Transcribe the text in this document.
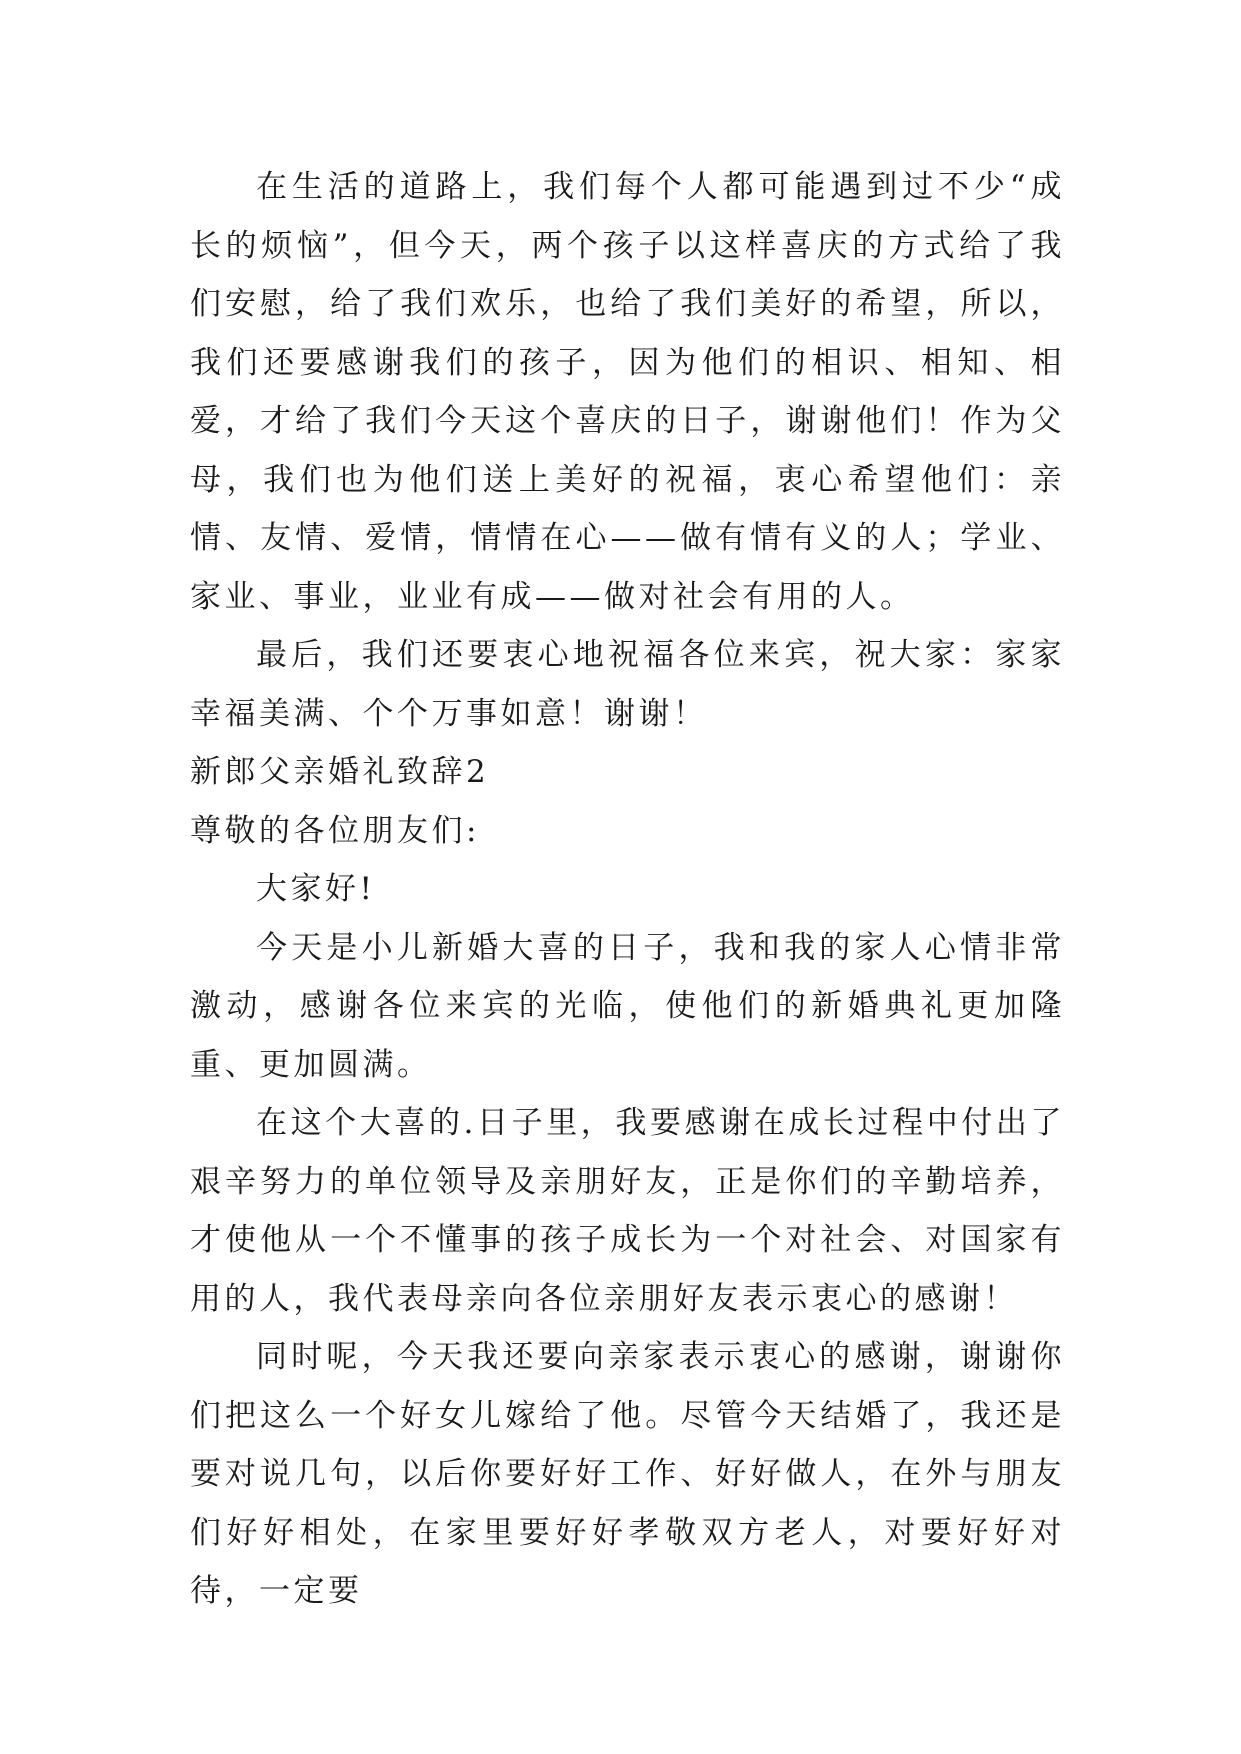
在生活的道路上，我们每个人都可能遇到过不少“成长的烦恼”，但今天，两个孩子以这样喜庆的方式给了我们安慰，给了我们欢乐，也给了我们美好的希望，所以，我们还要感谢我们的孩子，因为他们的相识、相知、相爱，才给了我们今天这个喜庆的日子，谢谢他们！作为父母，我们也为他们送上美好的祝福，衷心希望他们：亲情、友情、爱情，情情在心——做有情有义的人；学业、家业、事业，业业有成——做对社会有用的人。

最后，我们还要衷心地祝福各位来宾，祝大家：家家幸福美满、个个万事如意！谢谢！

新郎父亲婚礼致辞2

尊敬的各位朋友们:

大家好!

今天是小儿新婚大喜的日子，我和我的家人心情非常激动，感谢各位来宾的光临，使他们的新婚典礼更加隆重、更加圆满。

在这个大喜的.日子里，我要感谢在成长过程中付出了艰辛努力的单位领导及亲朋好友，正是你们的辛勤培养，才使他从一个不懂事的孩子成长为一个对社会、对国家有用的人，我代表母亲向各位亲朋好友表示衷心的感谢！

同时呢，今天我还要向亲家表示衷心的感谢，谢谢你们把这么一个好女儿嫁给了他。尽管今天结婚了，我还是要对说几句，以后你要好好工作、好好做人，在外与朋友们好好相处，在家里要好好孝敬双方老人，对要好好对待，一定要
